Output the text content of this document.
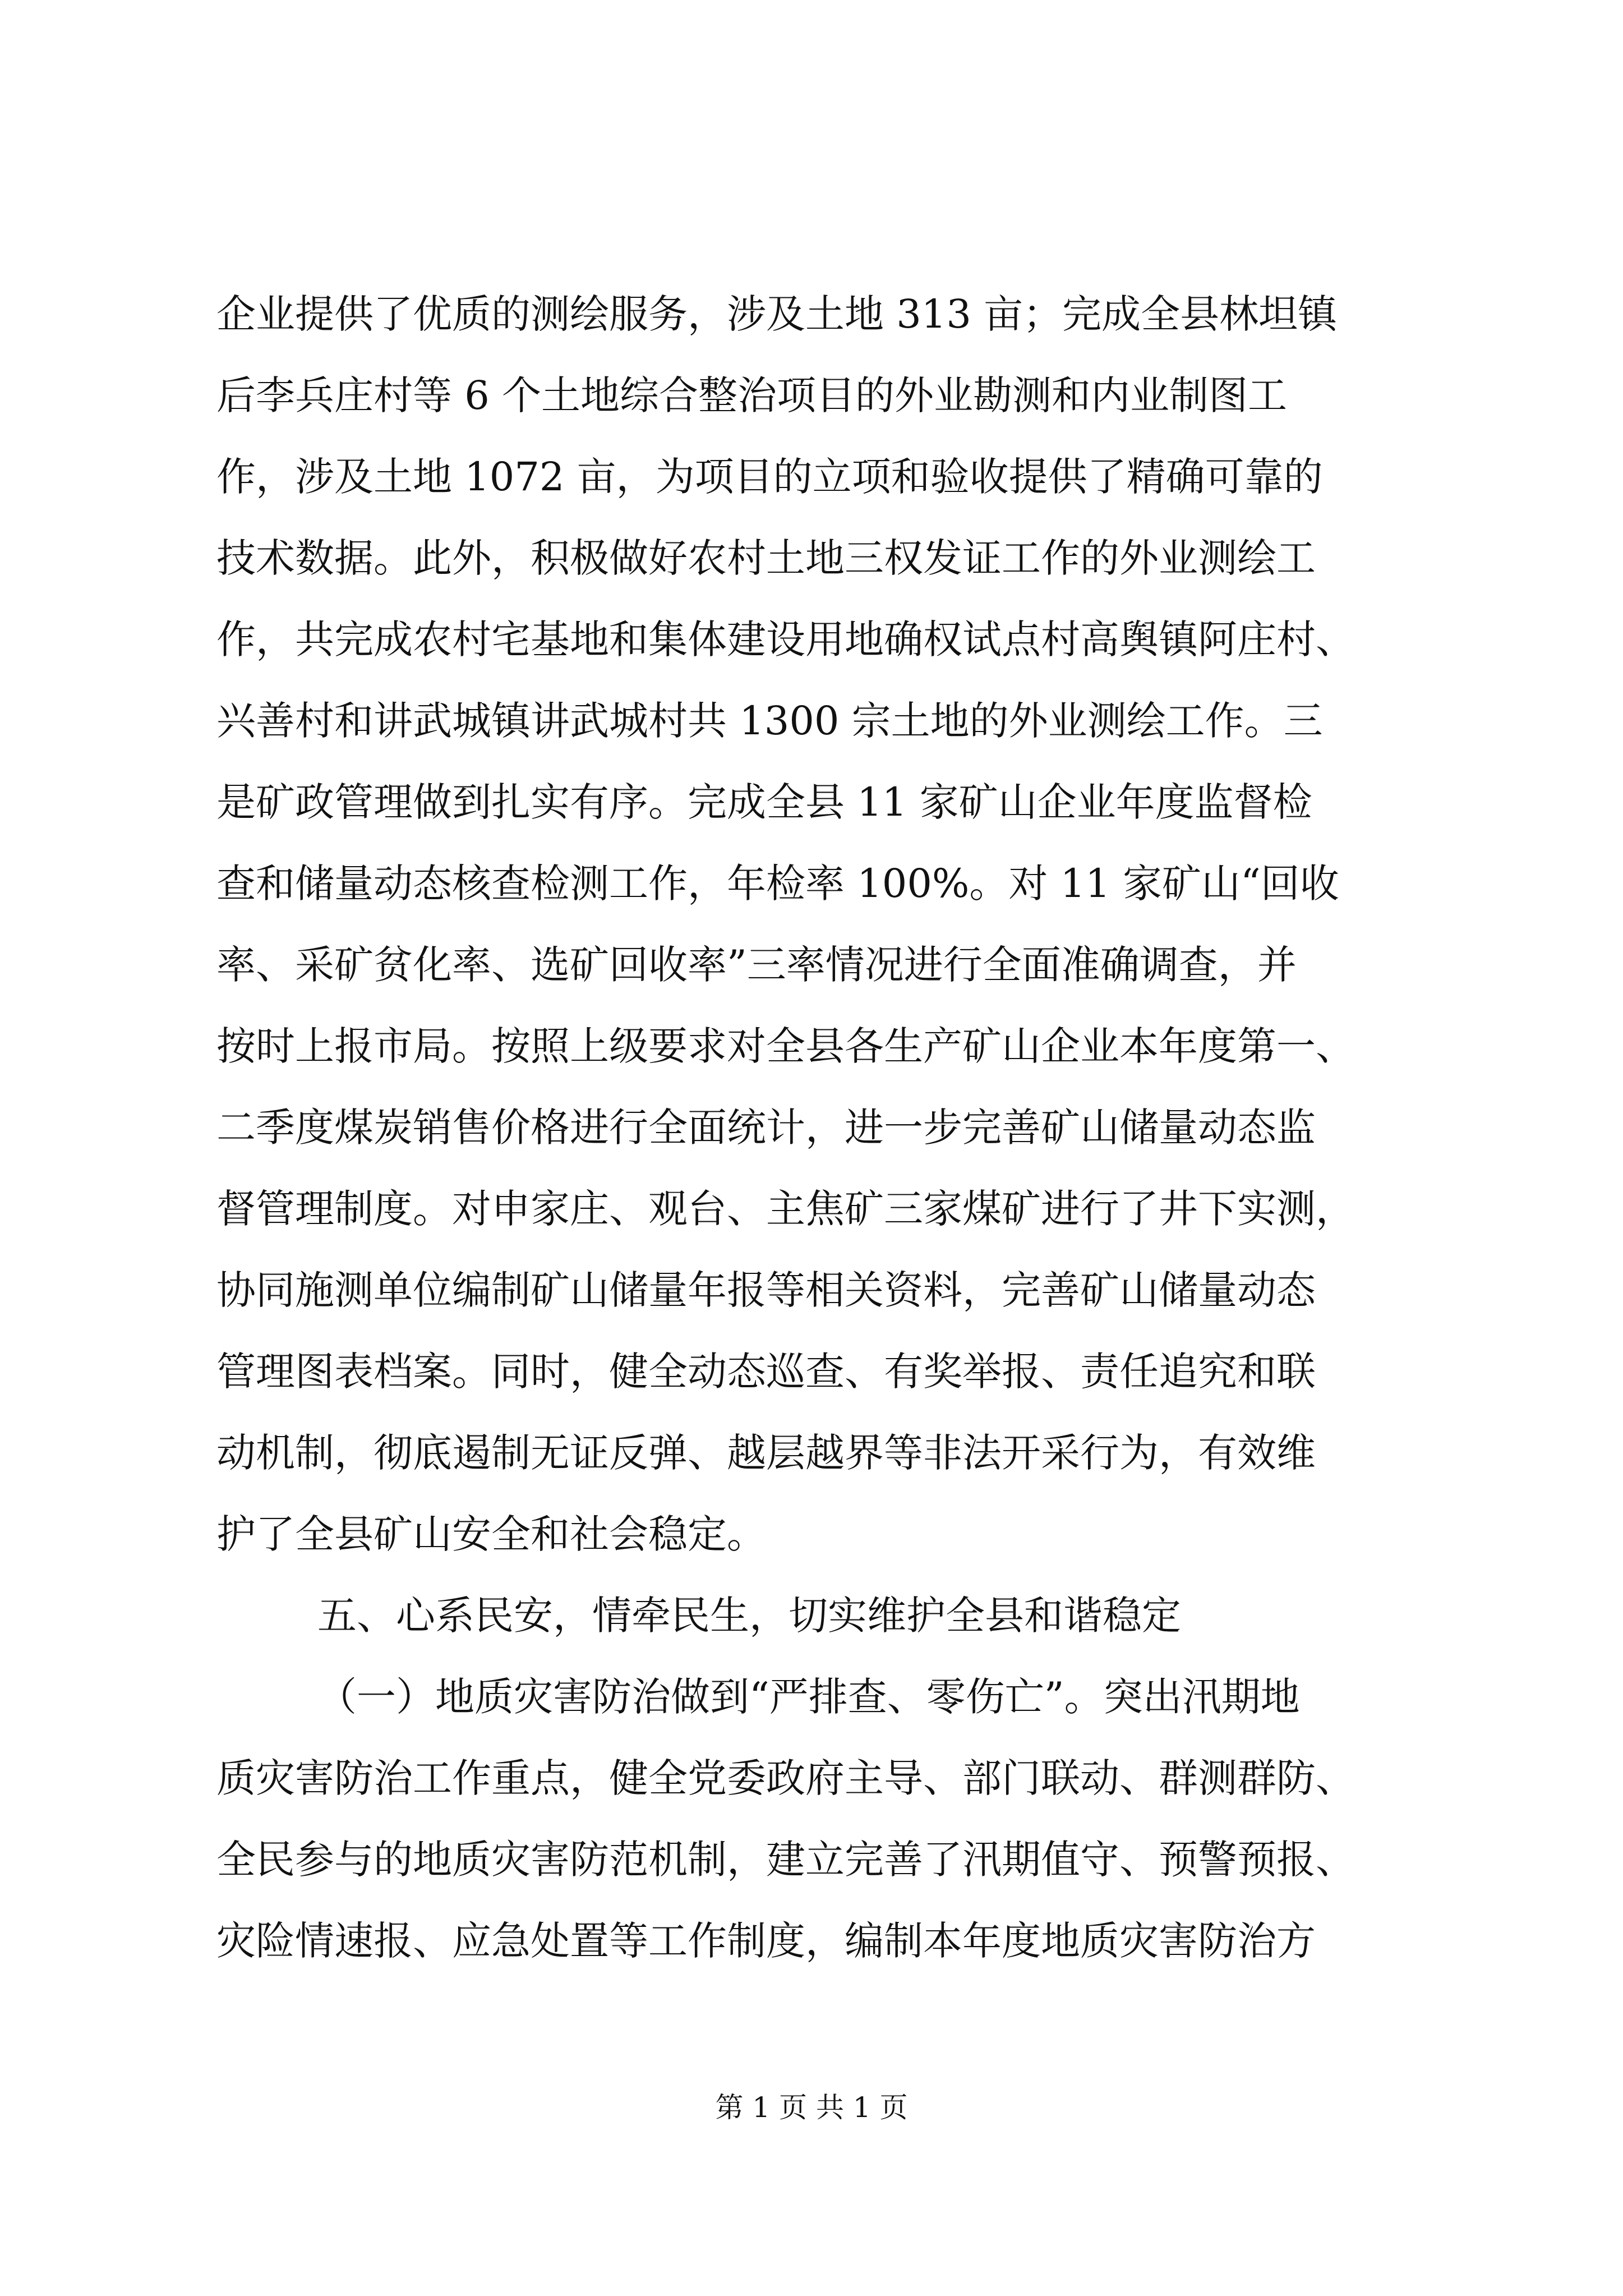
企业提供了优质的测绘服务，涉及土地 313 亩；完成全县林坦镇

后李兵庄村等 6 个土地综合整治项目的外业勘测和内业制图工

作，涉及土地 1072 亩，为项目的立项和验收提供了精确可靠的

技术数据。此外，积极做好农村土地三权发证工作的外业测绘工

作，共完成农村宅基地和集体建设用地确权试点村高舆镇阿庄村、

兴善村和讲武城镇讲武城村共 1300 宗土地的外业测绘工作。三

是矿政管理做到扎实有序。完成全县 11 家矿山企业年度监督检

查和储量动态核查检测工作，年检率 100%。对 11 家矿山“回收

率、采矿贫化率、选矿回收率”三率情况进行全面准确调查，并

按时上报市局。按照上级要求对全县各生产矿山企业本年度第一、

二季度煤炭销售价格进行全面统计，进一步完善矿山储量动态监

督管理制度。对申家庄、观台、主焦矿三家煤矿进行了井下实测，

协同施测单位编制矿山储量年报等相关资料，完善矿山储量动态

管理图表档案。同时，健全动态巡查、有奖举报、责任追究和联

动机制，彻底遏制无证反弹、越层越界等非法开采行为，有效维

护了全县矿山安全和社会稳定。

五、心系民安，情牵民生，切实维护全县和谐稳定

（一）地质灾害防治做到“严排查、零伤亡”。突出汛期地

质灾害防治工作重点，健全党委政府主导、部门联动、群测群防、

全民参与的地质灾害防范机制，建立完善了汛期值守、预警预报、

灾险情速报、应急处置等工作制度，编制本年度地质灾害防治方

第 1 页 共 1 页
